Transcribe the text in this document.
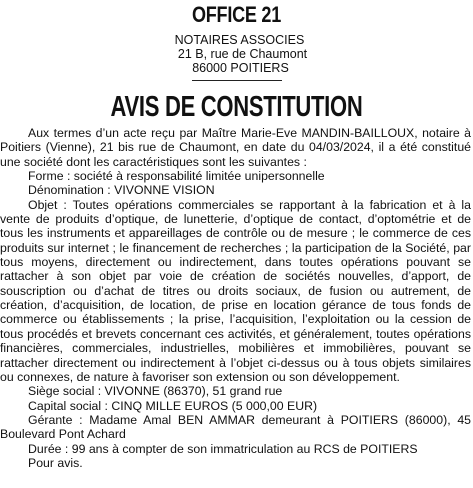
OFFICE 21
NOTAIRES ASSOCIES
21 B, rue de Chaumont
86000 POITIERS
AVIS DE CONSTITUTION

Aux termes d’un acte reçu par Maître Marie-Eve MANDIN-BAILLOUX, notaire à Poitiers (Vienne), 21 bis rue de Chaumont, en date du 04/03/2024, il a été constitué une société dont les caractéristiques sont les suivantes :

Forme : société à responsabilité limitée unipersonnelle

Dénomination : VIVONNE VISION

Objet : Toutes opérations commerciales se rapportant à la fabrication et à la vente de produits d’optique, de lunetterie, d’optique de contact, d’optométrie et de tous les instruments et appareillages de contrôle ou de mesure ; le commerce de ces produits sur internet ; le financement de recherches ; la participation de la Société, par tous moyens, directement ou indirectement, dans toutes opérations pouvant se rattacher à son objet par voie de création de sociétés nouvelles, d’apport, de souscription ou d’achat de titres ou droits sociaux, de fusion ou autrement, de création, d’acquisition, de location, de prise en location gérance de tous fonds de commerce ou établissements ; la prise, l’acquisition, l’exploitation ou la cession de tous procédés et brevets concernant ces activités, et généralement, toutes opérations financières, commerciales, industrielles, mobilières et immobilières, pouvant se rattacher directement ou indirectement à l’objet ci-dessus ou à tous objets similaires ou connexes, de nature à favoriser son extension ou son développement.

Siège social : VIVONNE (86370), 51 grand rue

Capital social : CINQ MILLE EUROS (5 000,00 EUR)

Gérante : Madame Amal BEN AMMAR demeurant à POITIERS (86000), 45 Boulevard Pont Achard

Durée : 99 ans à compter de son immatriculation au RCS de POITIERS

Pour avis.
